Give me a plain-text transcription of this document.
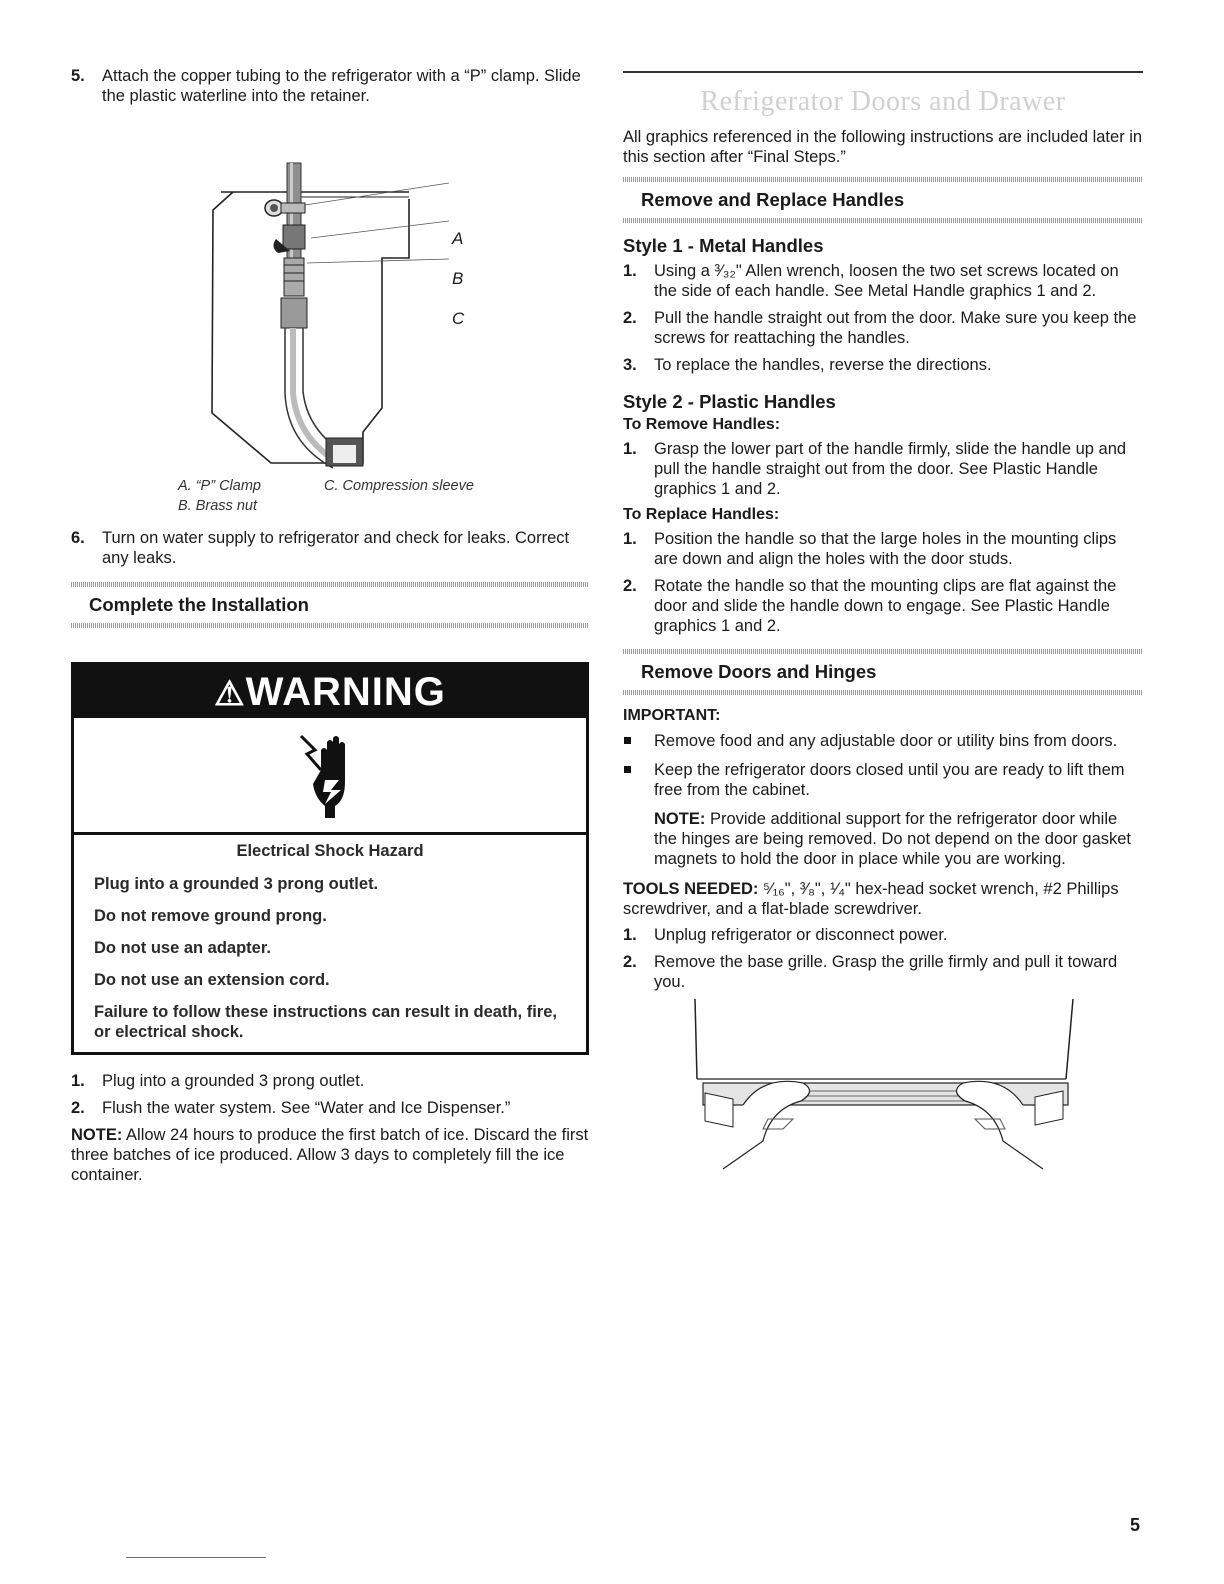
5.	Attach the copper tubing to the refrigerator with a “P” clamp. Slide the plastic waterline into the retainer.
A
B
C
A. “P” Clamp
B. Brass nut
C. Compression sleeve
6.	Turn on water supply to refrigerator and check for leaks. Correct any leaks.
Complete the Installation
⚠WARNING

Electrical Shock Hazard

Plug into a grounded 3 prong outlet.

Do not remove ground prong.

Do not use an adapter.

Do not use an extension cord.

Failure to follow these instructions can result in death, fire, or electrical shock.

1.	Plug into a grounded 3 prong outlet.
2.	Flush the water system. See “Water and Ice Dispenser.”
NOTE: Allow 24 hours to produce the first batch of ice. Discard the first three batches of ice produced. Allow 3 days to completely fill the ice container.
Refrigerator Doors and Drawer
All graphics referenced in the following instructions are included later in this section after “Final Steps.”
Remove and Replace Handles
Style 1 - Metal Handles
1.	Using a ³⁄₃₂" Allen wrench, loosen the two set screws located on the side of each handle. See Metal Handle graphics 1 and 2.
2.	Pull the handle straight out from the door. Make sure you keep the screws for reattaching the handles.
3.	To replace the handles, reverse the directions.
Style 2 - Plastic Handles
To Remove Handles:
1.	Grasp the lower part of the handle firmly, slide the handle up and pull the handle straight out from the door. See Plastic Handle graphics 1 and 2.
To Replace Handles:
1.	Position the handle so that the large holes in the mounting clips are down and align the holes with the door studs.
2.	Rotate the handle so that the mounting clips are flat against the door and slide the handle down to engage. See Plastic Handle graphics 1 and 2.
Remove Doors and Hinges
IMPORTANT:
Remove food and any adjustable door or utility bins from doors.
Keep the refrigerator doors closed until you are ready to lift them free from the cabinet.
NOTE: Provide additional support for the refrigerator door while the hinges are being removed. Do not depend on the door gasket magnets to hold the door in place while you are working.
TOOLS NEEDED: ⁵⁄₁₆", ³⁄₈", ¹⁄₄" hex-head socket wrench, #2 Phillips screwdriver, and a flat-blade screwdriver.
1.	Unplug refrigerator or disconnect power.
2.	Remove the base grille. Grasp the grille firmly and pull it toward you.
5
